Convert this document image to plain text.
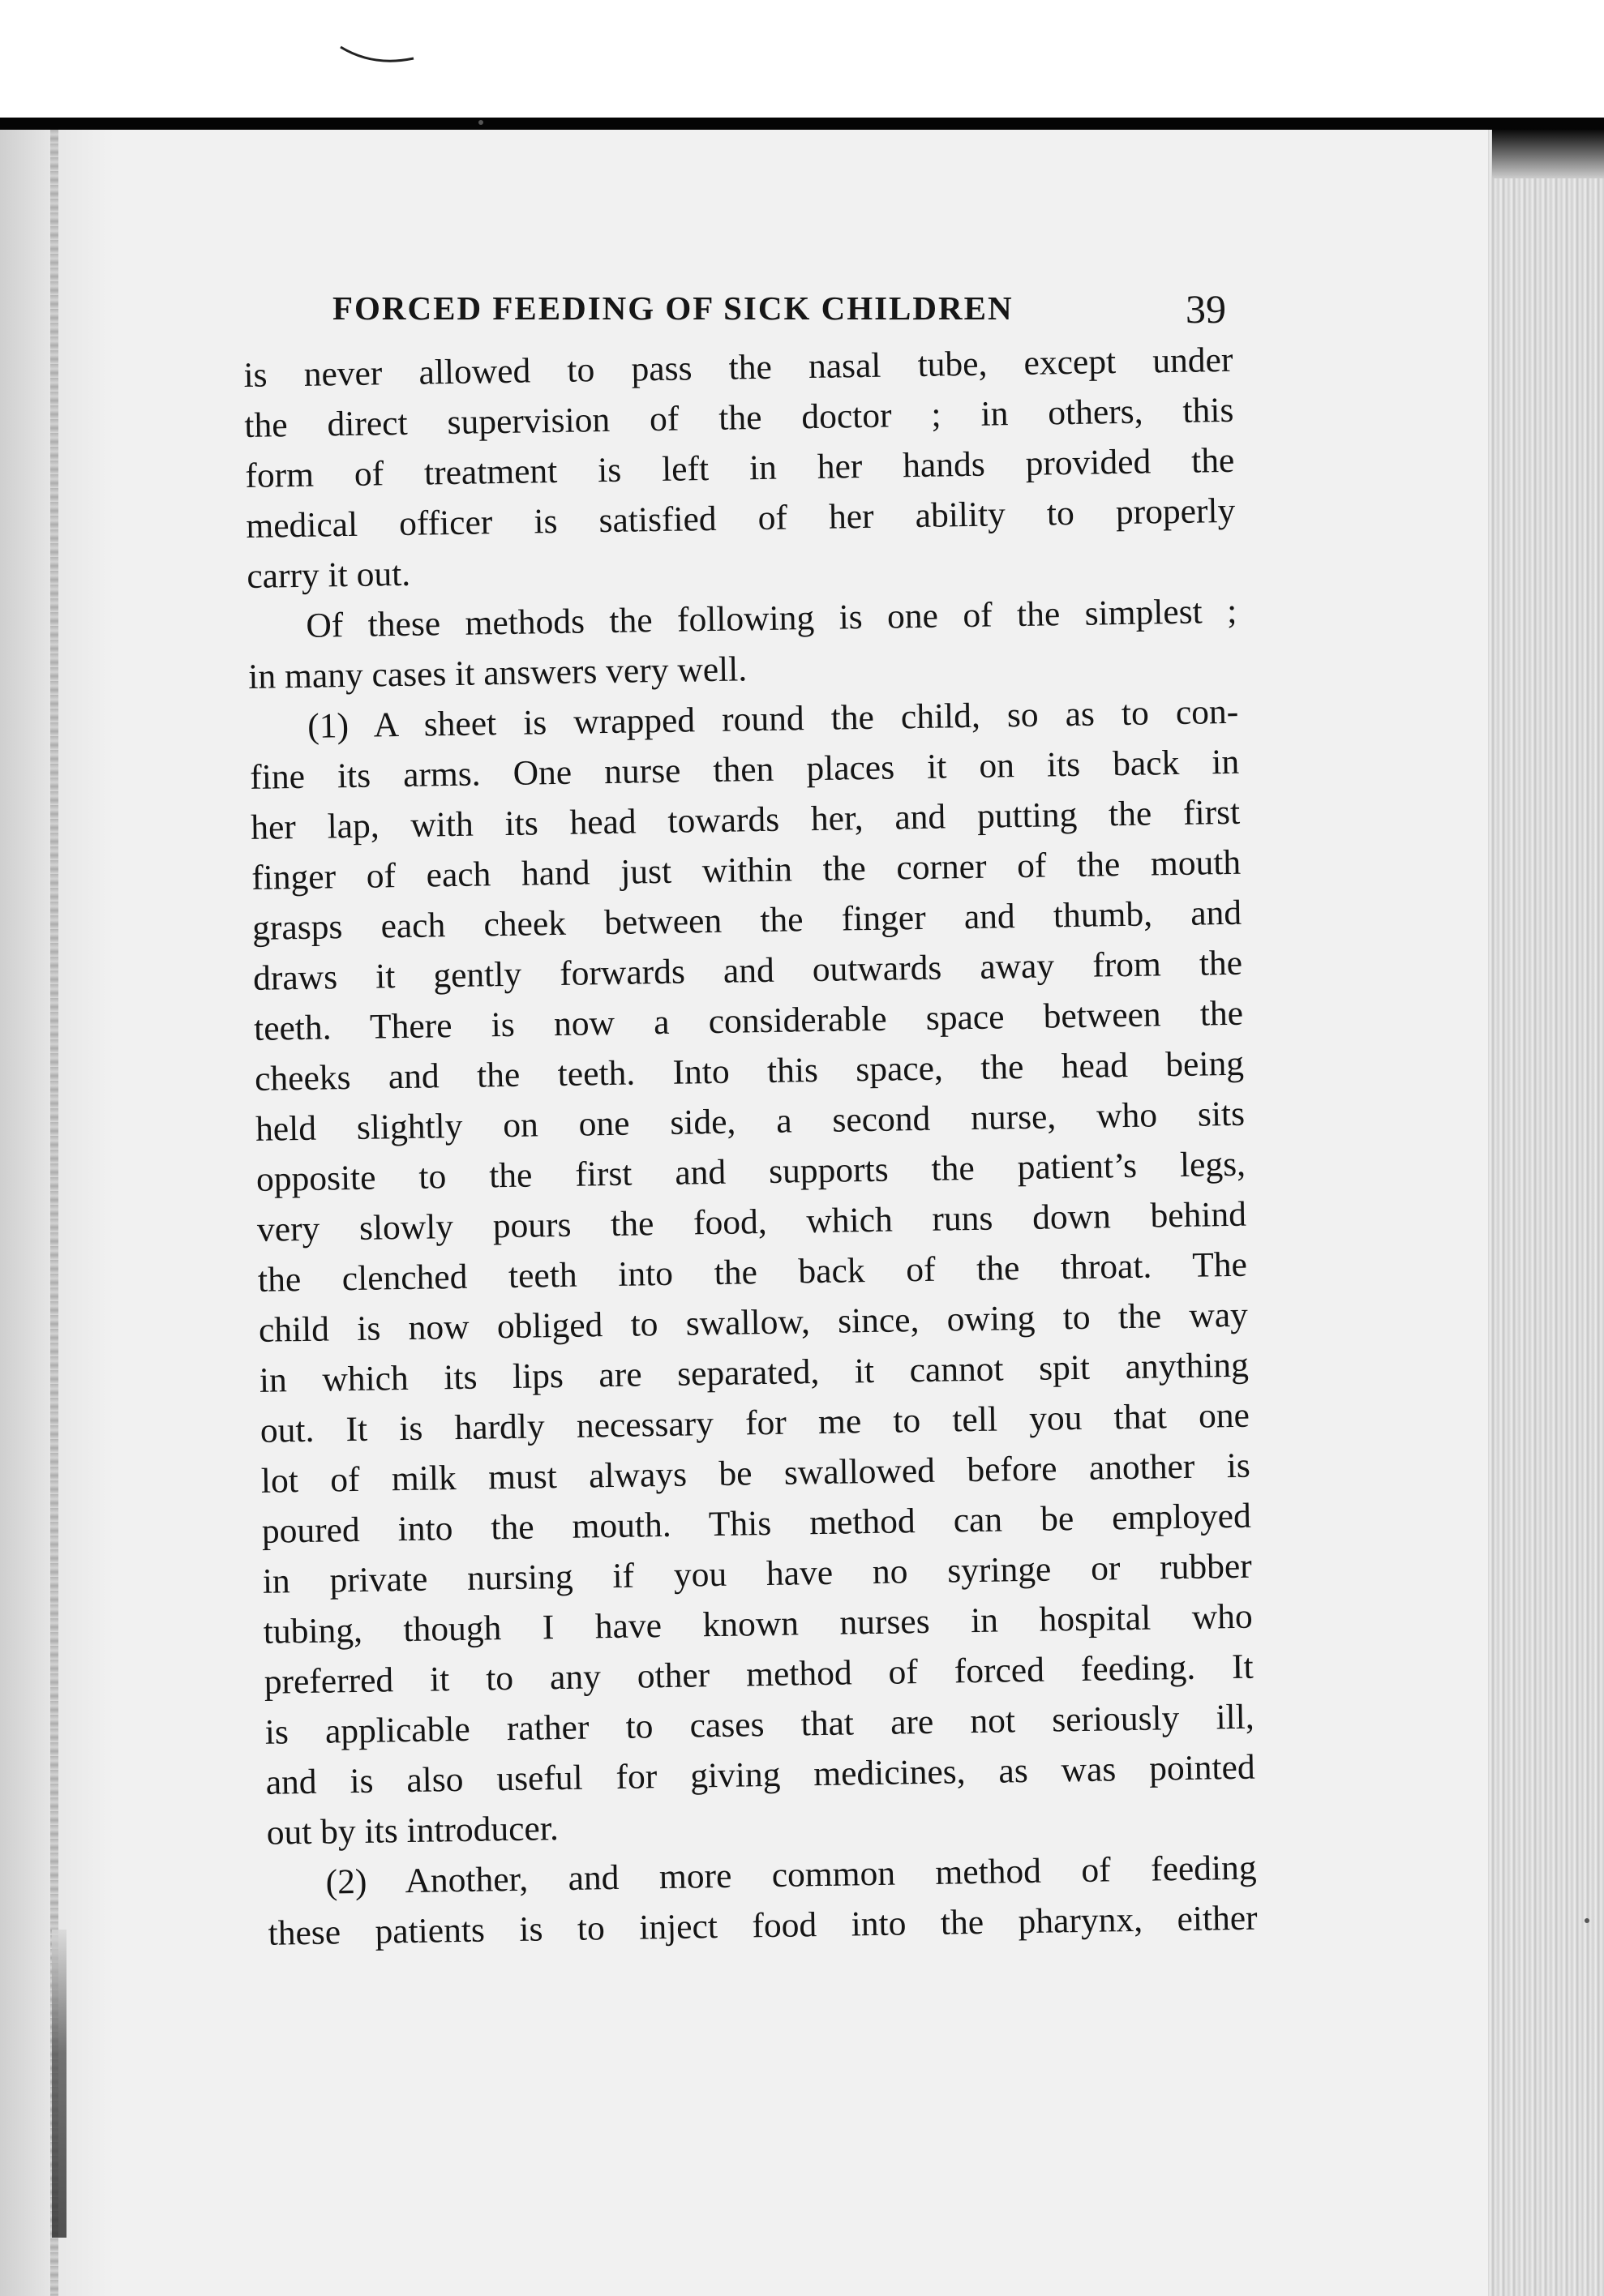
FORCED FEEDING OF SICK CHILDREN	39
is never allowed to pass the nasal tube, except under
the direct supervision of the doctor ; in others, this
form of treatment is left in her hands provided the
medical officer is satisfied of her ability to properly
carry it out.
Of these methods the following is one of the simplest ;
in many cases it answers very well.
(1) A sheet is wrapped round the child, so as to con-
fine its arms. One nurse then places it on its back in
her lap, with its head towards her, and putting the first
finger of each hand just within the corner of the mouth
grasps each cheek between the finger and thumb, and
draws it gently forwards and outwards away from the
teeth. There is now a considerable space between the
cheeks and the teeth. Into this space, the head being
held slightly on one side, a second nurse, who sits
opposite to the first and supports the patient’s legs,
very slowly pours the food, which runs down behind
the clenched teeth into the back of the throat. The
child is now obliged to swallow, since, owing to the way
in which its lips are separated, it cannot spit anything
out. It is hardly necessary for me to tell you that one
lot of milk must always be swallowed before another is
poured into the mouth. This method can be employed
in private nursing if you have no syringe or rubber
tubing, though I have known nurses in hospital who
preferred it to any other method of forced feeding. It
is applicable rather to cases that are not seriously ill,
and is also useful for giving medicines, as was pointed
out by its introducer.
(2) Another, and more common method of feeding
these patients is to inject food into the pharynx, either
